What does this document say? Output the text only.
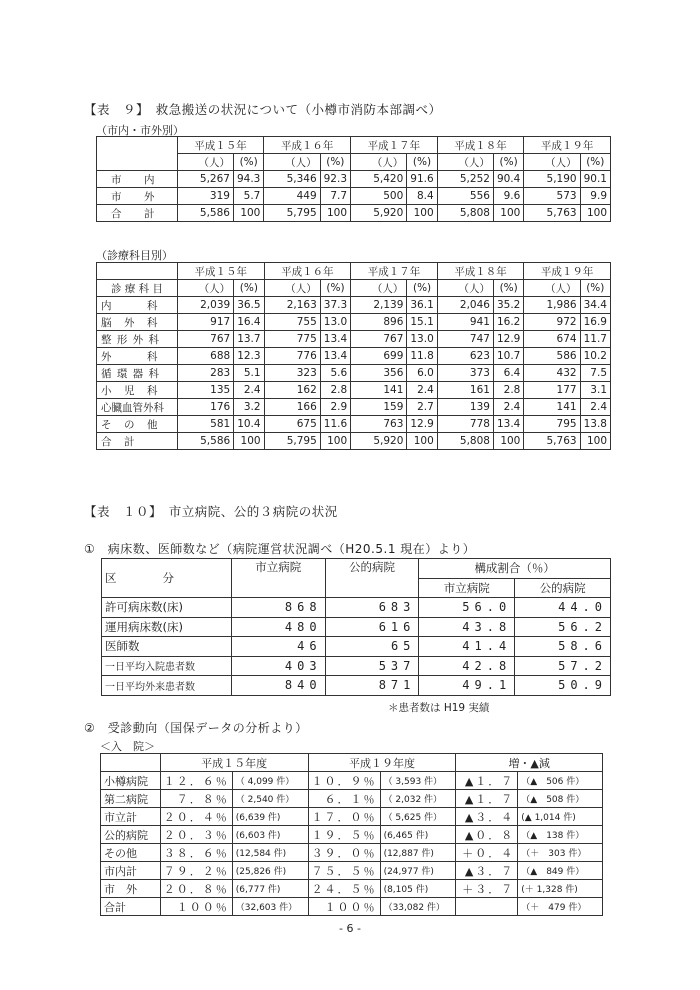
【表　９】　救急搬送の状況について（小樽市消防本部調べ）
（市内・市外別）
	平成１５年		平成１６年		平成１７年		平成１８年		平成１９年	
	（人）	(%)	（人）	(%)	（人）	(%)	（人）	(%)	（人）	(%)
市　内	5,267	94.3	5,346	92.3	5,420	91.6	5,252	90.4	5,190	90.1
市　外	319	5.7	449	7.7	500	8.4	556	9.6	573	9.9
合　計	5,586	100	5,795	100	5,920	100	5,808	100	5,763	100
（診療科目別）
	平成１５年		平成１６年		平成１７年		平成１８年		平成１９年	
診 療 科 目	（人）	(%)	（人）	(%)	（人）	(%)	（人）	(%)	（人）	(%)
内　　　科	2,039	36.5	2,163	37.3	2,139	36.1	2,046	35.2	1,986	34.4
脳　外　科	917	16.4	755	13.0	896	15.1	941	16.2	972	16.9
整 形 外 科	767	13.7	775	13.4	767	13.0	747	12.9	674	11.7
外　　　科	688	12.3	776	13.4	699	11.8	623	10.7	586	10.2
循 環 器 科	283	5.1	323	5.6	356	6.0	373	6.4	432	7.5
小　児　科	135	2.4	162	2.8	141	2.4	161	2.8	177	3.1
心臓血管外科	176	3.2	166	2.9	159	2.7	139	2.4	141	2.4
そ　の　他	581	10.4	675	11.6	763	12.9	778	13.4	795	13.8
合　計	5,586	100	5,795	100	5,920	100	5,808	100	5,763	100
【表　１０】　市立病院、公的３病院の状況
①　病床数、医師数など（病院運営状況調べ（H20.5.1 現在）より）
区　　　　分	市立病院	公的病院	構成割合（％）	
			市立病院	公的病院
許可病床数(床)	868	683	56.0	44.0
運用病床数(床)	480	616	43.8	56.2
医師数	46	65	41.4	58.6
一日平均入院患者数	403	537	42.8	57.2
一日平均外来患者数	840	871	49.1	50.9
＊患者数は H19 実績
②　受診動向（国保データの分析より）
＜入　院＞
	平成１５年度		平成１９年度		増・▲減	
小樽病院	１２．６％	（ 4,099 件）	１０．９％	（ 3,593 件）	▲１．７	（▲　506 件）
第二病院	７．８％	（ 2,540 件）	６．１％	（ 2,032 件）	▲１．７	（▲　508 件）
市立計	２０．４％	(6,639 件)	１７．０％	（ 5,625 件）	▲３．４	(▲ 1,014 件)
公的病院	２０．３％	(6,603 件)	１９．５％	(6,465 件)	▲０．８	（▲　138 件）
その他	３８．６％	(12,584 件)	３９．０％	(12,887 件)	＋０．４	（＋　303 件）
市内計	７９．２％	(25,826 件)	７５．５％	(24,977 件)	▲３．７	（▲　849 件）
市　外	２０．８％	(6,777 件)	２４．５％	(8,105 件)	＋３．７	(＋ 1,328 件)
合計	１００％	（32,603 件）	１００％	（33,082 件）		（＋　479 件）
- 6 -
